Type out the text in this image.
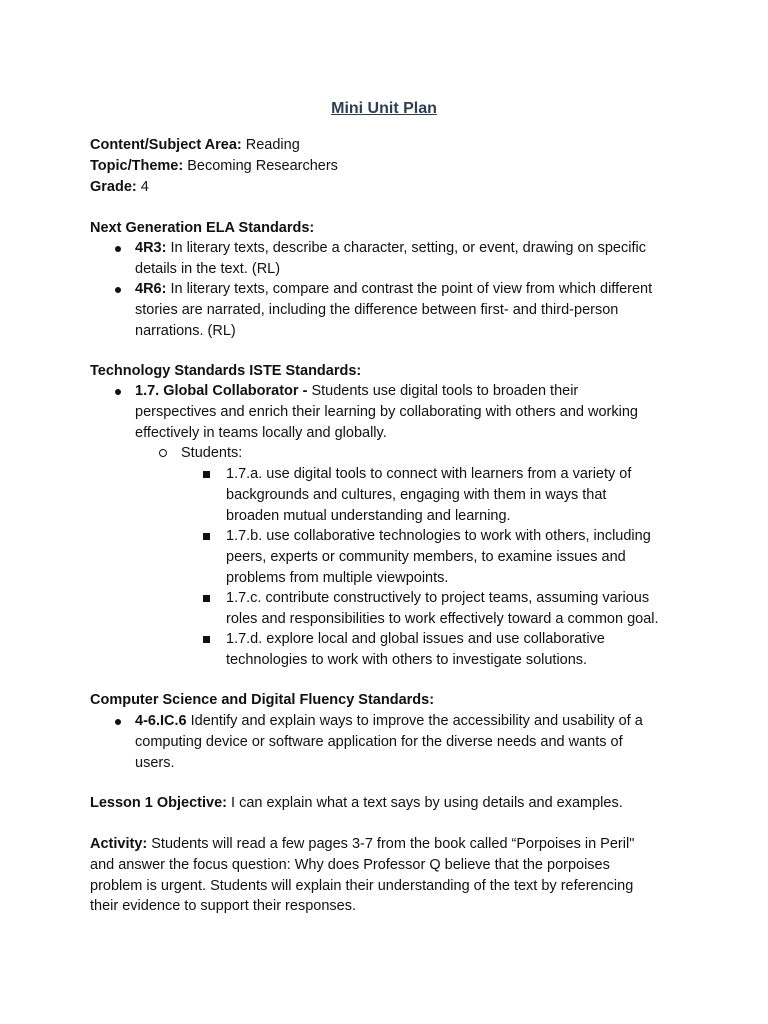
Mini Unit Plan
Content/Subject Area: Reading
Topic/Theme: Becoming Researchers
Grade: 4
Next Generation ELA Standards:
4R3: In literary texts, describe a character, setting, or event, drawing on specific
details in the text. (RL)
4R6: In literary texts, compare and contrast the point of view from which different
stories are narrated, including the difference between first- and third-person
narrations. (RL)
Technology Standards ISTE Standards:
1.7. Global Collaborator - Students use digital tools to broaden their
perspectives and enrich their learning by collaborating with others and working
effectively in teams locally and globally.
Students:
1.7.a. use digital tools to connect with learners from a variety of
backgrounds and cultures, engaging with them in ways that
broaden mutual understanding and learning.
1.7.b. use collaborative technologies to work with others, including
peers, experts or community members, to examine issues and
problems from multiple viewpoints.
1.7.c. contribute constructively to project teams, assuming various
roles and responsibilities to work effectively toward a common goal.
1.7.d. explore local and global issues and use collaborative
technologies to work with others to investigate solutions.
Computer Science and Digital Fluency Standards:
4-6.IC.6 Identify and explain ways to improve the accessibility and usability of a
computing device or software application for the diverse needs and wants of
users.
Lesson 1 Objective: I can explain what a text says by using details and examples.
Activity: Students will read a few pages 3-7 from the book called “Porpoises in Peril"
and answer the focus question: Why does Professor Q believe that the porpoises
problem is urgent. Students will explain their understanding of the text by referencing
their evidence to support their responses.
